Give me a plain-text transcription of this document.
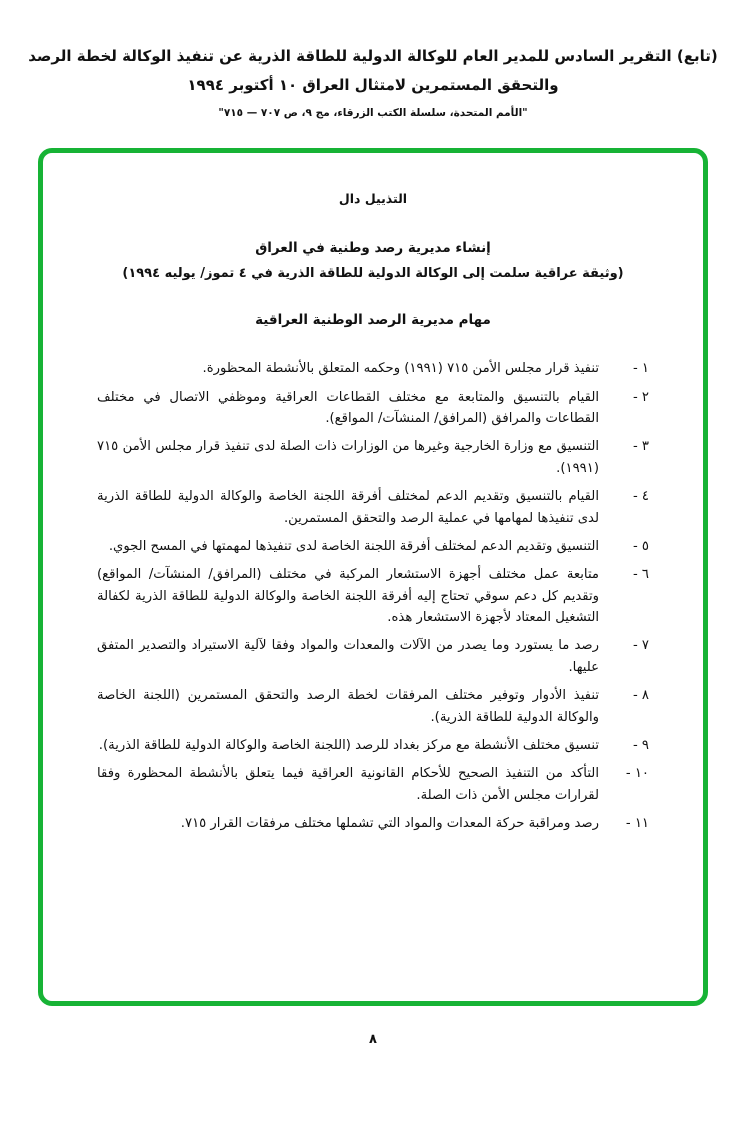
(تابع) التقرير السادس للمدير العام للوكالة الدولية للطاقة الذرية عن تنفيذ الوكالة لخطة الرصد
والتحقق المستمرين لامتثال العراق ١٠ أكتوبر ١٩٩٤
"الأمم المتحدة، سلسلة الكتب الزرقاء، مج ٩، ص ٧٠٧ — ٧١٥"
التذييل دال
إنشاء مديرية رصد وطنية في العراق
(وثيقة عراقية سلمت إلى الوكالة الدولية للطاقة الذرية في ٤ تموز/ يوليه ١٩٩٤)
مهام مديرية الرصد الوطنية العراقية
١ -
تنفيذ قرار مجلس الأمن ٧١٥ (١٩٩١) وحكمه المتعلق بالأنشطة المحظورة.
٢ -
القيام بالتنسيق والمتابعة مع مختلف القطاعات العراقية وموظفي الاتصال في مختلف القطاعات والمرافق (المرافق/ المنشآت/ المواقع).
٣ -
التنسيق مع وزارة الخارجية وغيرها من الوزارات ذات الصلة لدى تنفيذ قرار مجلس الأمن ٧١٥ (١٩٩١).
٤ -
القيام بالتنسيق وتقديم الدعم لمختلف أفرقة اللجنة الخاصة والوكالة الدولية للطاقة الذرية لدى تنفيذها لمهامها في عملية الرصد والتحقق المستمرين.
٥ -
التنسيق وتقديم الدعم لمختلف أفرقة اللجنة الخاصة لدى تنفيذها لمهمتها في المسح الجوي.
٦ -
متابعة عمل مختلف أجهزة الاستشعار المركبة في مختلف (المرافق/ المنشآت/ المواقع) وتقديم كل دعم سوقي تحتاج إليه أفرقة اللجنة الخاصة والوكالة الدولية للطاقة الذرية لكفالة التشغيل المعتاد لأجهزة الاستشعار هذه.
٧ -
رصد ما يستورد وما يصدر من الآلات والمعدات والمواد وفقا لآلية الاستيراد والتصدير المتفق عليها.
٨ -
تنفيذ الأدوار وتوفير مختلف المرفقات لخطة الرصد والتحقق المستمرين (اللجنة الخاصة والوكالة الدولية للطاقة الذرية).
٩ -
تنسيق مختلف الأنشطة مع مركز بغداد للرصد (اللجنة الخاصة والوكالة الدولية للطاقة الذرية).
١٠ -
التأكد من التنفيذ الصحيح للأحكام القانونية العراقية فيما يتعلق بالأنشطة المحظورة وفقا لقرارات مجلس الأمن ذات الصلة.
١١ -
رصد ومراقبة حركة المعدات والمواد التي تشملها مختلف مرفقات القرار ٧١٥.
٨
